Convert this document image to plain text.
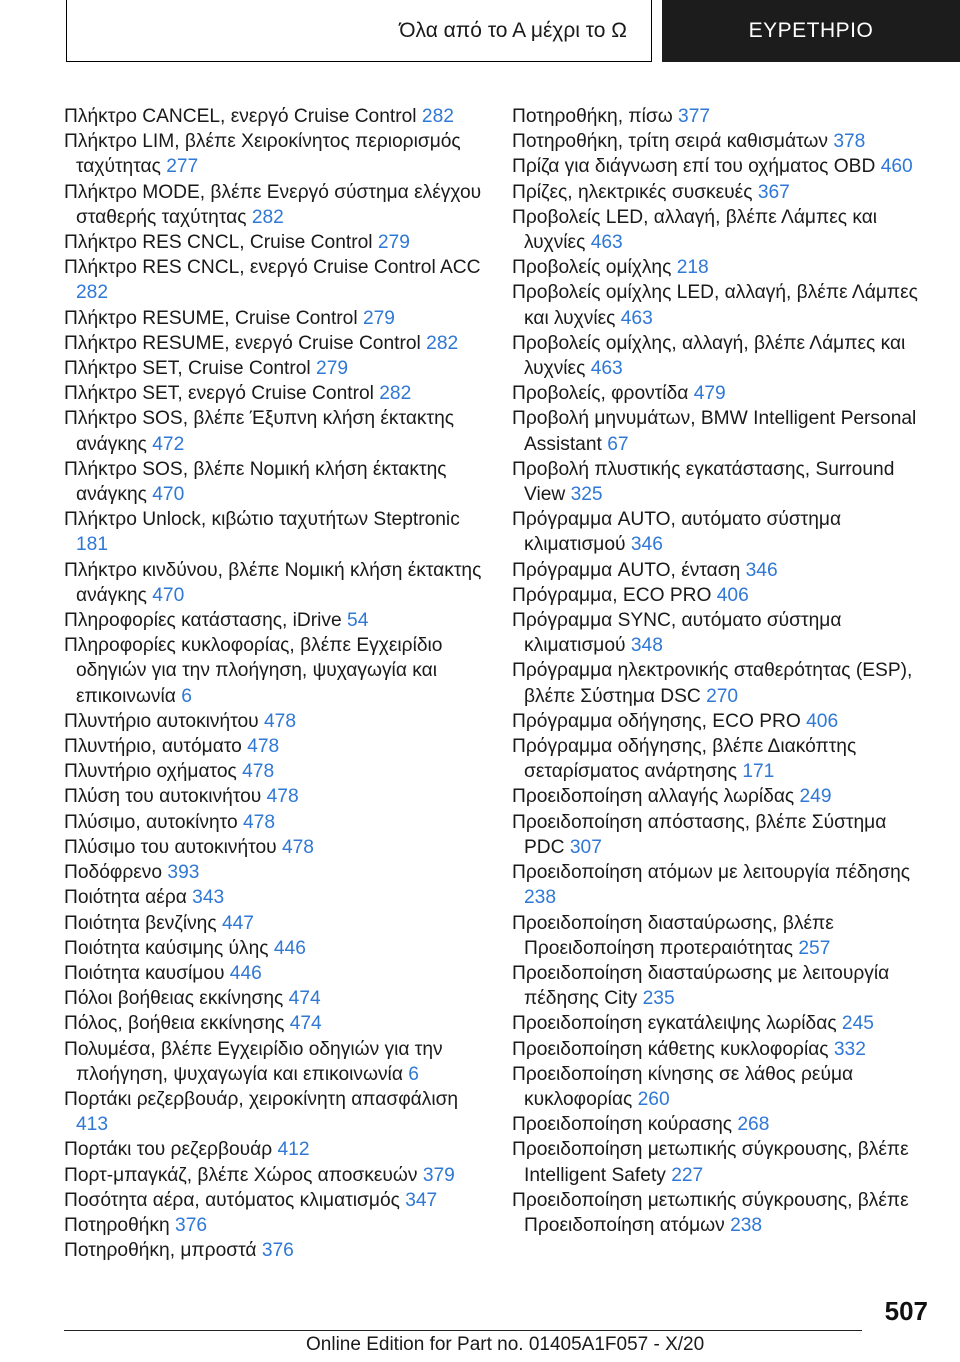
Όλα από το Α μέχρι το Ω	ΕΥΡΕΤΗΡΙΟ
Πλήκτρο CANCEL, ενεργό Cruise Control 282
Πλήκτρο LIM, βλέπε Χειροκίνητος περιορισμός ταχύτητας 277
Πλήκτρο MODE, βλέπε Ενεργό σύστημα ελέγχου σταθερής ταχύτητας 282
Πλήκτρο RES CNCL, Cruise Control 279
Πλήκτρο RES CNCL, ενεργό Cruise Control ACC 282
Πλήκτρο RESUME, Cruise Control 279
Πλήκτρο RESUME, ενεργό Cruise Control 282
Πλήκτρο SET, Cruise Control 279
Πλήκτρο SET, ενεργό Cruise Control 282
Πλήκτρο SOS, βλέπε Έξυπνη κλήση έκτακτης ανάγκης 472
Πλήκτρο SOS, βλέπε Νομική κλήση έκτακτης ανάγκης 470
Πλήκτρο Unlock, κιβώτιο ταχυτήτων Steptronic 181
Πλήκτρο κινδύνου, βλέπε Νομική κλήση έκτακτης ανάγκης 470
Πληροφορίες κατάστασης, iDrive 54
Πληροφορίες κυκλοφορίας, βλέπε Εγχειρίδιο οδηγιών για την πλοήγηση, ψυχαγωγία και επικοινωνία 6
Πλυντήριο αυτοκινήτου 478
Πλυντήριο, αυτόματο 478
Πλυντήριο οχήματος 478
Πλύση του αυτοκινήτου 478
Πλύσιμο, αυτοκίνητο 478
Πλύσιμο του αυτοκινήτου 478
Ποδόφρενο 393
Ποιότητα αέρα 343
Ποιότητα βενζίνης 447
Ποιότητα καύσιμης ύλης 446
Ποιότητα καυσίμου 446
Πόλοι βοήθειας εκκίνησης 474
Πόλος, βοήθεια εκκίνησης 474
Πολυμέσα, βλέπε Εγχειρίδιο οδηγιών για την πλοήγηση, ψυχαγωγία και επικοινωνία 6
Πορτάκι ρεζερβουάρ, χειροκίνητη απασφάλιση 413
Πορτάκι του ρεζερβουάρ 412
Πορτ-μπαγκάζ, βλέπε Χώρος αποσκευών 379
Ποσότητα αέρα, αυτόματος κλιματισμός 347
Ποτηροθήκη 376
Ποτηροθήκη, μπροστά 376
Ποτηροθήκη, πίσω 377
Ποτηροθήκη, τρίτη σειρά καθισμάτων 378
Πρίζα για διάγνωση επί του οχήματος OBD 460
Πρίζες, ηλεκτρικές συσκευές 367
Προβολείς LED, αλλαγή, βλέπε Λάμπες και λυχνίες 463
Προβολείς ομίχλης 218
Προβολείς ομίχλης LED, αλλαγή, βλέπε Λάμπες και λυχνίες 463
Προβολείς ομίχλης, αλλαγή, βλέπε Λάμπες και λυχνίες 463
Προβολείς, φροντίδα 479
Προβολή μηνυμάτων, BMW Intelligent Personal Assistant 67
Προβολή πλυστικής εγκατάστασης, Surround View 325
Πρόγραμμα AUTO, αυτόματο σύστημα κλιματισμού 346
Πρόγραμμα AUTO, ένταση 346
Πρόγραμμα, ECO PRO 406
Πρόγραμμα SYNC, αυτόματο σύστημα κλιματισμού 348
Πρόγραμμα ηλεκτρονικής σταθερότητας (ESP), βλέπε Σύστημα DSC 270
Πρόγραμμα οδήγησης, ECO PRO 406
Πρόγραμμα οδήγησης, βλέπε Διακόπτης σεταρίσματος ανάρτησης 171
Προειδοποίηση αλλαγής λωρίδας 249
Προειδοποίηση απόστασης, βλέπε Σύστημα PDC 307
Προειδοποίηση ατόμων με λειτουργία πέδησης 238
Προειδοποίηση διασταύρωσης, βλέπε Προειδοποίηση προτεραιότητας 257
Προειδοποίηση διασταύρωσης με λειτουργία πέδησης City 235
Προειδοποίηση εγκατάλειψης λωρίδας 245
Προειδοποίηση κάθετης κυκλοφορίας 332
Προειδοποίηση κίνησης σε λάθος ρεύμα κυκλοφορίας 260
Προειδοποίηση κούρασης 268
Προειδοποίηση μετωπικής σύγκρουσης, βλέπε Intelligent Safety 227
Προειδοποίηση μετωπικής σύγκρουσης, βλέπε Προειδοποίηση ατόμων 238
507
Online Edition for Part no. 01405A1F057 - X/20
